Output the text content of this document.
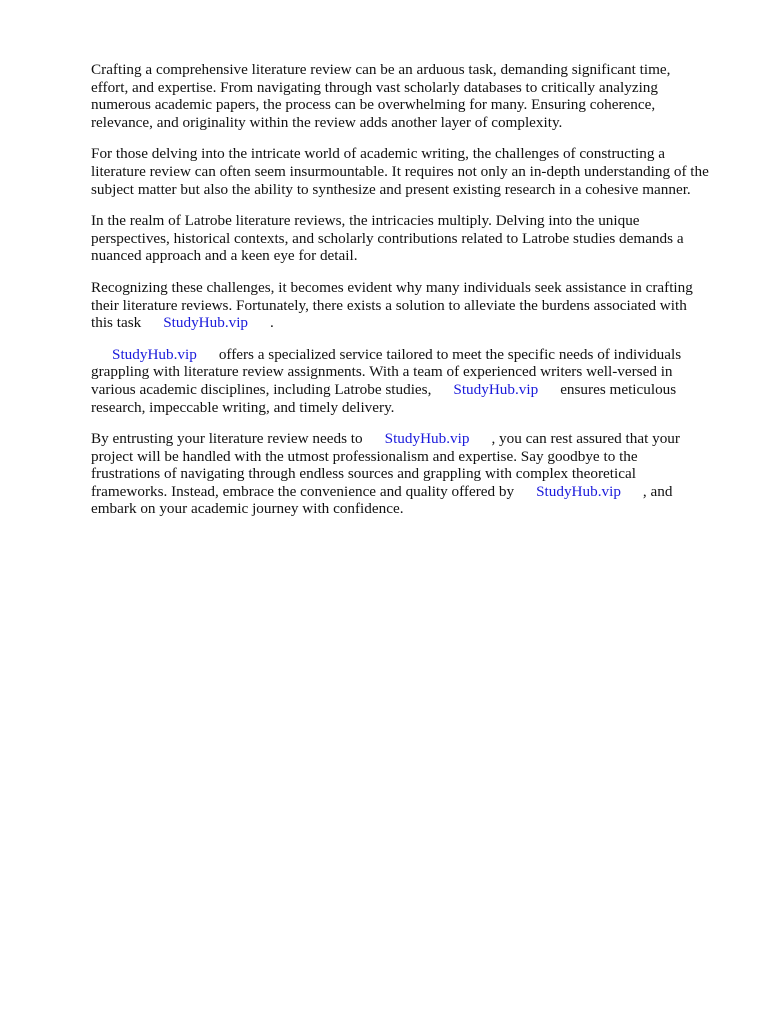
Crafting a comprehensive literature review can be an arduous task, demanding significant time,
effort, and expertise. From navigating through vast scholarly databases to critically analyzing
numerous academic papers, the process can be overwhelming for many. Ensuring coherence,
relevance, and originality within the review adds another layer of complexity.
For those delving into the intricate world of academic writing, the challenges of constructing a
literature review can often seem insurmountable. It requires not only an in-depth understanding of the
subject matter but also the ability to synthesize and present existing research in a cohesive manner.
In the realm of Latrobe literature reviews, the intricacies multiply. Delving into the unique
perspectives, historical contexts, and scholarly contributions related to Latrobe studies demands a
nuanced approach and a keen eye for detail.
Recognizing these challenges, it becomes evident why many individuals seek assistance in crafting
their literature reviews. Fortunately, there exists a solution to alleviate the burdens associated with
this task StudyHub.vip .
StudyHub.vip offers a specialized service tailored to meet the specific needs of individuals
grappling with literature review assignments. With a team of experienced writers well-versed in
various academic disciplines, including Latrobe studies, StudyHub.vip ensures meticulous
research, impeccable writing, and timely delivery.
By entrusting your literature review needs to StudyHub.vip , you can rest assured that your
project will be handled with the utmost professionalism and expertise. Say goodbye to the
frustrations of navigating through endless sources and grappling with complex theoretical
frameworks. Instead, embrace the convenience and quality offered by StudyHub.vip , and
embark on your academic journey with confidence.
